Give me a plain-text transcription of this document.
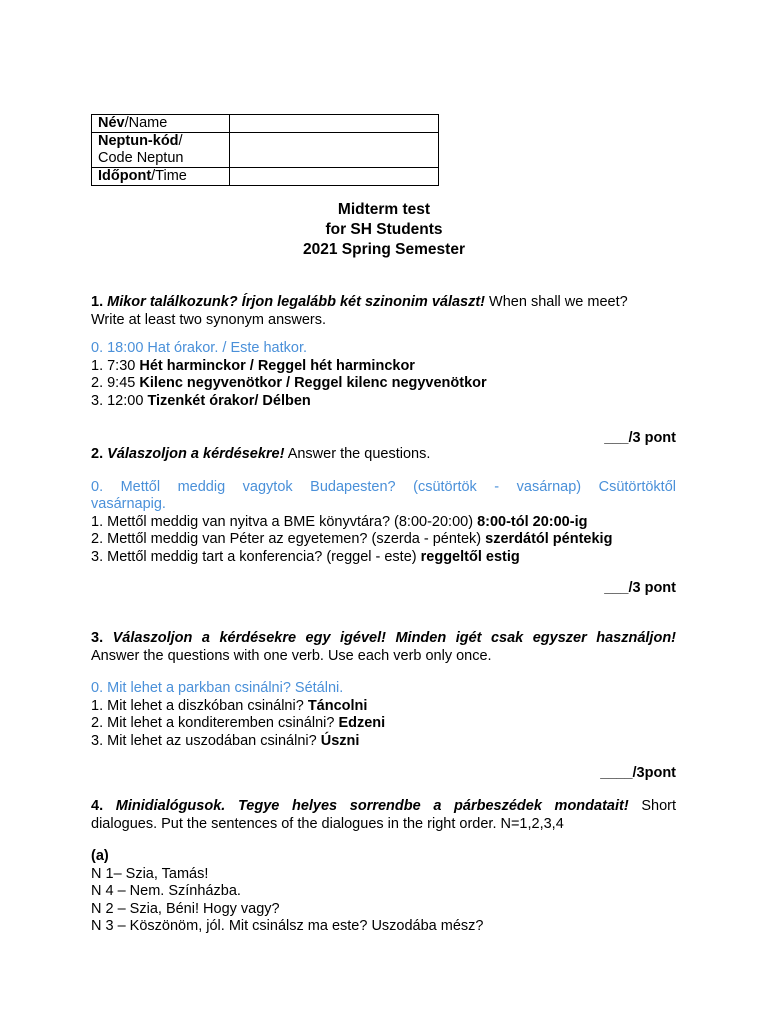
Név/Name	
Neptun-kód/
Code Neptun	
Időpont/Time	
Midterm test
for SH Students
2021 Spring Semester
1. Mikor találkozunk? Írjon legalább két szinonim választ! When shall we meet?
Write at least two synonym answers.
0. 18:00 Hat órakor. / Este hatkor.
1. 7:30 Hét harminckor / Reggel hét harminckor
2. 9:45 Kilenc negyvenötkor / Reggel kilenc negyvenötkor
3. 12:00 Tizenkét órakor/ Délben
___/3 pont
2. Válaszoljon a kérdésekre! Answer the questions.
0. Mettől meddig vagytok Budapesten? (csütörtök - vasárnap) Csütörtöktől
vasárnapig.
1. Mettől meddig van nyitva a BME könyvtára? (8:00-20:00) 8:00-tól 20:00-ig
2. Mettől meddig van Péter az egyetemen? (szerda - péntek) szerdától péntekig
3. Mettől meddig tart a konferencia? (reggel - este) reggeltől estig
___/3 pont
3. Válaszoljon a kérdésekre egy igével! Minden igét csak egyszer használjon!
Answer the questions with one verb. Use each verb only once.
0. Mit lehet a parkban csinálni? Sétálni.
1. Mit lehet a diszkóban csinálni? Táncolni
2. Mit lehet a konditeremben csinálni? Edzeni
3. Mit lehet az uszodában csinálni? Úszni
____/3pont
4. Minidialógusok. Tegye helyes sorrendbe a párbeszédek mondatait! Short
dialogues. Put the sentences of the dialogues in the right order. N=1,2,3,4
(a)
N 1– Szia, Tamás!
N 4 – Nem. Színházba.
N 2 – Szia, Béni! Hogy vagy?
N 3 – Köszönöm, jól. Mit csinálsz ma este? Uszodába mész?
